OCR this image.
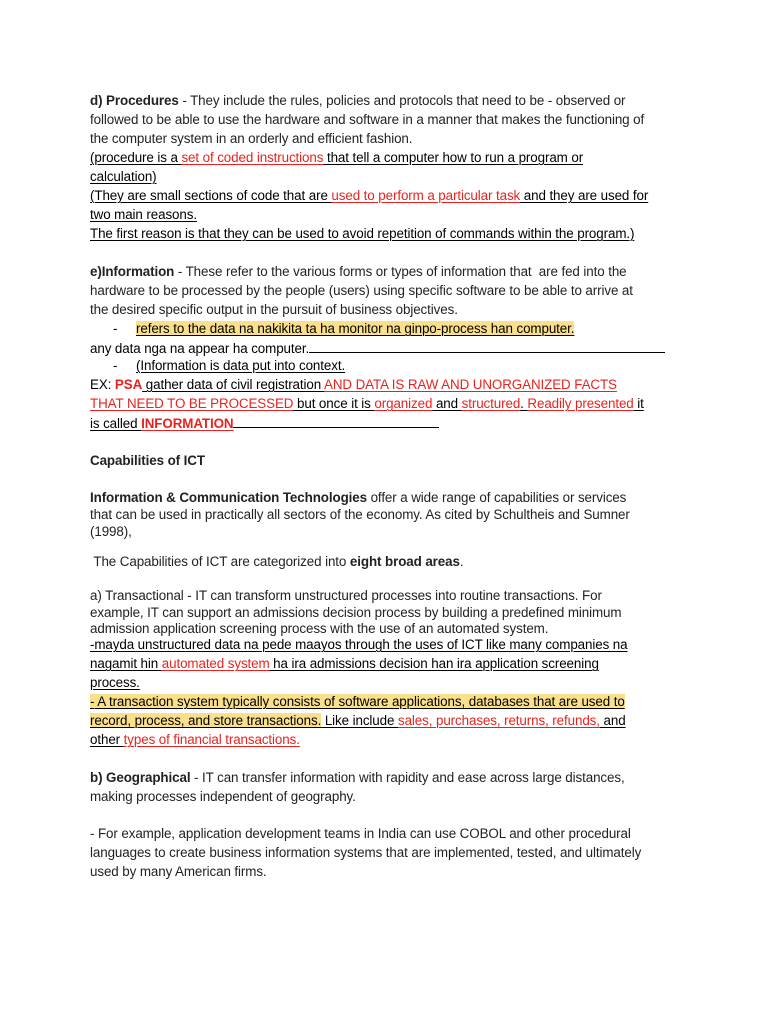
d) Procedures - They include the rules, policies and protocols that need to be - observed or

followed to be able to use the hardware and software in a manner that makes the functioning of

the computer system in an orderly and efficient fashion.

(procedure is a set of coded instructions that tell a computer how to run a program or

calculation)

(They are small sections of code that are used to perform a particular task and they are used for

two main reasons.

The first reason is that they can be used to avoid repetition of commands within the program.)

e)Information - These refer to the various forms or types of information that  are fed into the

hardware to be processed by the people (users) using specific software to be able to arrive at

the desired specific output in the pursuit of business objectives.

- refers to the data na nakikita ta ha monitor na ginpo-process han computer.

any data nga na appear ha computer.

- (Information is data put into context.

EX: PSA gather data of civil registration AND DATA IS RAW AND UNORGANIZED FACTS

THAT NEED TO BE PROCESSED but once it is organized and structured. Readily presented it

is called INFORMATION

Capabilities of ICT

Information & Communication Technologies offer a wide range of capabilities or services

that can be used in practically all sectors of the economy. As cited by Schultheis and Sumner

(1998),

The Capabilities of ICT are categorized into eight broad areas.

a) Transactional - IT can transform unstructured processes into routine transactions. For

example, IT can support an admissions decision process by building a predefined minimum

admission application screening process with the use of an automated system.

-mayda unstructured data na pede maayos through the uses of ICT like many companies na

nagamit hin automated system ha ira admissions decision han ira application screening

process.

- A transaction system typically consists of software applications, databases that are used to

record, process, and store transactions. Like include sales, purchases, returns, refunds, and

other types of financial transactions.

b) Geographical - IT can transfer information with rapidity and ease across large distances,

making processes independent of geography.

- For example, application development teams in India can use COBOL and other procedural

languages to create business information systems that are implemented, tested, and ultimately

used by many American firms.
